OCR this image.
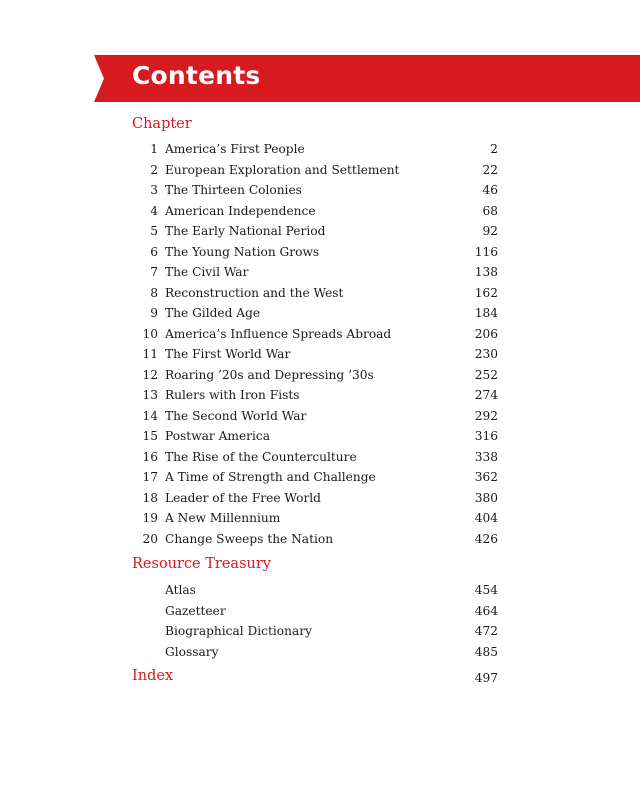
Contents
Chapter
1 America’s First People	2
2 European Exploration and Settlement	22
3 The Thirteen Colonies	46
4 American Independence	68
5 The Early National Period	92
6 The Young Nation Grows	116
7 The Civil War	138
8 Reconstruction and the West	162
9 The Gilded Age	184
10 America’s Influence Spreads Abroad	206
11 The First World War	230
12 Roaring ’20s and Depressing ’30s	252
13 Rulers with Iron Fists	274
14 The Second World War	292
15 Postwar America	316
16 The Rise of the Counterculture	338
17 A Time of Strength and Challenge	362
18 Leader of the Free World	380
19 A New Millennium	404
20 Change Sweeps the Nation	426
Resource Treasury
Atlas	454
Gazetteer	464
Biographical Dictionary	472
Glossary	485
Index	497
